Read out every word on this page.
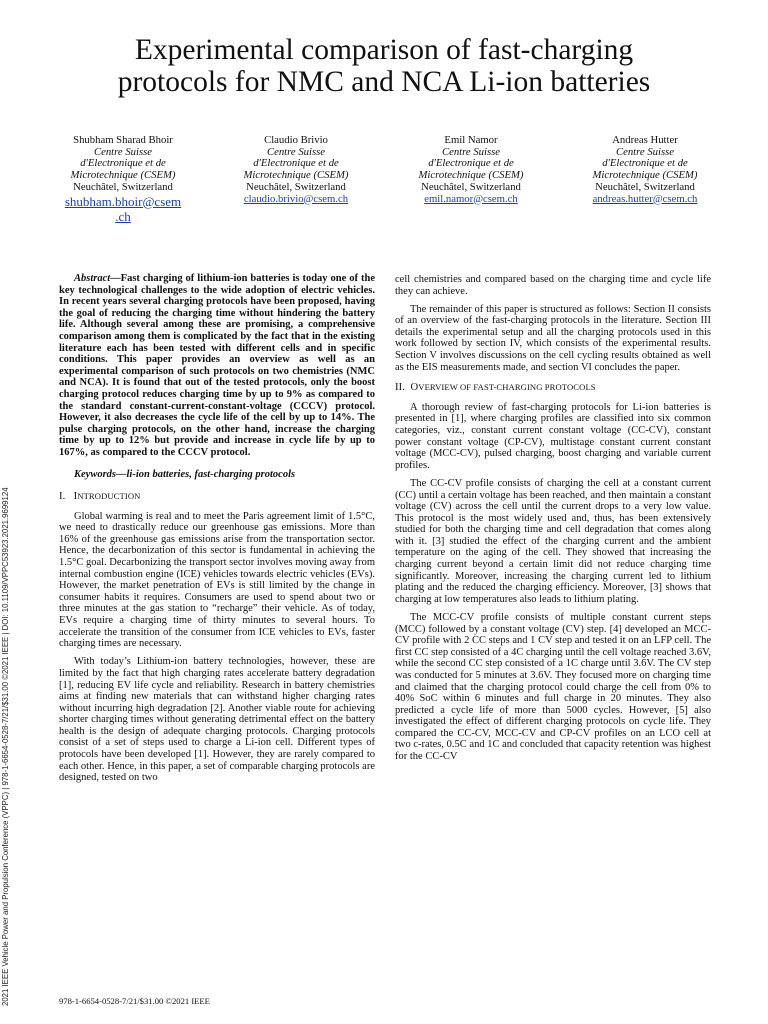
Experimental comparison of fast-charging
protocols for NMC and NCA Li-ion batteries
Shubham Sharad Bhoir
Centre Suisse
d'Electronique et de
Microtechnique (CSEM)
Neuchâtel, Switzerland
shubham.bhoir@csem
.ch
Claudio Brivio
Centre Suisse
d'Electronique et de
Microtechnique (CSEM)
Neuchâtel, Switzerland
claudio.brivio@csem.ch
Emil Namor
Centre Suisse
d'Electronique et de
Microtechnique (CSEM)
Neuchâtel, Switzerland
emil.namor@csem.ch
Andreas Hutter
Centre Suisse
d'Electronique et de
Microtechnique (CSEM)
Neuchâtel, Switzerland
andreas.hutter@csem.ch

Abstract—Fast charging of lithium-ion batteries is today one of the key technological challenges to the wide adoption of electric vehicles. In recent years several charging protocols have been proposed, having the goal of reducing the charging time without hindering the battery life. Although several among these are promising, a comprehensive comparison among them is complicated by the fact that in the existing literature each has been tested with different cells and in specific conditions. This paper provides an overview as well as an experimental comparison of such protocols on two chemistries (NMC and NCA). It is found that out of the tested protocols, only the boost charging protocol reduces charging time by up to 9% as compared to the standard constant-current-constant-voltage (CCCV) protocol. However, it also decreases the cycle life of the cell by up to 14%. The pulse charging protocols, on the other hand, increase the charging time by up to 12% but provide and increase in cycle life by up to 167%, as compared to the CCCV protocol.

Keywords—li-ion batteries, fast-charging protocols

I. INTRODUCTION

Global warming is real and to meet the Paris agreement limit of 1.5°C, we need to drastically reduce our greenhouse gas emissions. More than 16% of the greenhouse gas emissions arise from the transportation sector. Hence, the decarbonization of this sector is fundamental in achieving the 1.5°C goal. Decarbonizing the transport sector involves moving away from internal combustion engine (ICE) vehicles towards electric vehicles (EVs). However, the market penetration of EVs is still limited by the change in consumer habits it requires. Consumers are used to spend about two or three minutes at the gas station to “recharge” their vehicle. As of today, EVs require a charging time of thirty minutes to several hours. To accelerate the transition of the consumer from ICE vehicles to EVs, faster charging times are necessary.

With today’s Lithium-ion battery technologies, however, these are limited by the fact that high charging rates accelerate battery degradation [1], reducing EV life cycle and reliability. Research in battery chemistries aims at finding new materials that can withstand higher charging rates without incurring high degradation [2]. Another viable route for achieving shorter charging times without generating detrimental effect on the battery health is the design of adequate charging protocols. Charging protocols consist of a set of steps used to charge a Li-ion cell. Different types of protocols have been developed [1]. However, they are rarely compared to each other. Hence, in this paper, a set of comparable charging protocols are designed, tested on two

cell chemistries and compared based on the charging time and cycle life they can achieve.

The remainder of this paper is structured as follows: Section II consists of an overview of the fast-charging protocols in the literature. Section III details the experimental setup and all the charging protocols used in this work followed by section IV, which consists of the experimental results. Section V involves discussions on the cell cycling results obtained as well as the EIS measurements made, and section VI concludes the paper.

II. OVERVIEW OF FAST-CHARGING PROTOCOLS

A thorough review of fast-charging protocols for Li-ion batteries is presented in [1], where charging profiles are classified into six common categories, viz., constant current constant voltage (CC-CV), constant power constant voltage (CP-CV), multistage constant current constant voltage (MCC-CV), pulsed charging, boost charging and variable current profiles.

The CC-CV profile consists of charging the cell at a constant current (CC) until a certain voltage has been reached, and then maintain a constant voltage (CV) across the cell until the current drops to a very low value. This protocol is the most widely used and, thus, has been extensively studied for both the charging time and cell degradation that comes along with it. [3] studied the effect of the charging current and the ambient temperature on the aging of the cell. They showed that increasing the charging current beyond a certain limit did not reduce charging time significantly. Moreover, increasing the charging current led to lithium plating and the reduced the charging efficiency. Moreover, [3] shows that charging at low temperatures also leads to lithium plating.

The MCC-CV profile consists of multiple constant current steps (MCC) followed by a constant voltage (CV) step. [4] developed an MCC-CV profile with 2 CC steps and 1 CV step and tested it on an LFP cell. The first CC step consisted of a 4C charging until the cell voltage reached 3.6V, while the second CC step consisted of a 1C charge until 3.6V. The CV step was conducted for 5 minutes at 3.6V. They focused more on charging time and claimed that the charging protocol could charge the cell from 0% to 40% SoC within 6 minutes and full charge in 20 minutes. They also predicted a cycle life of more than 5000 cycles. However, [5] also investigated the effect of different charging protocols on cycle life. They compared the CC-CV, MCC-CV and CP-CV profiles on an LCO cell at two c-rates, 0.5C and 1C and concluded that capacity retention was highest for the CC-CV

2021 IEEE Vehicle Power and Propulsion Conference (VPPC) | 978-1-6654-0528-7/21/$31.00 ©2021 IEEE | DOI: 10.1109/VPPC53923.2021.9699124	978-1-6654-0528-7/21/$31.00 ©2021 IEEE
